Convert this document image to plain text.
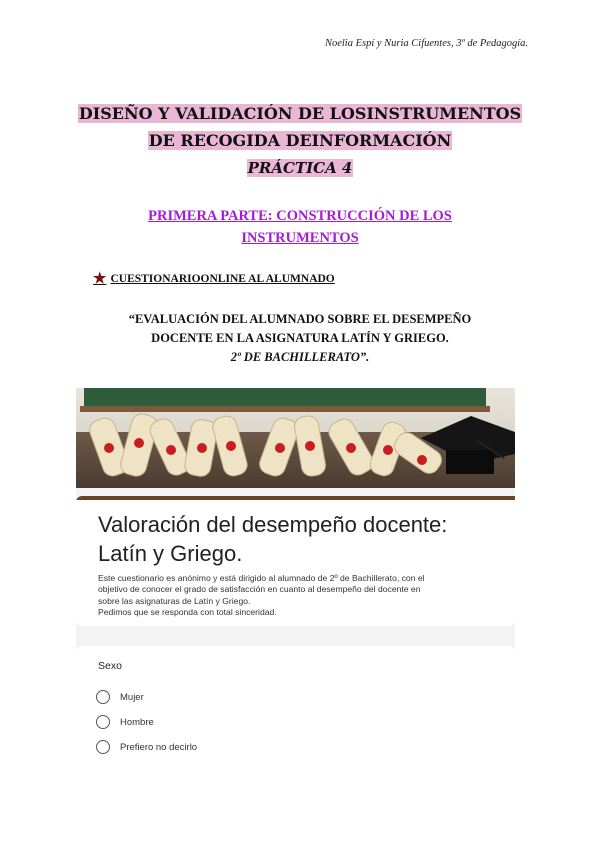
Noelia Espí y Nuria Cifuentes, 3º de Pedagogía.
DISEÑO Y VALIDACIÓN DE LOSINSTRUMENTOS
DE RECOGIDA DEINFORMACIÓN
PRÁCTICA 4
PRIMERA PARTE: CONSTRUCCIÓN DE LOS
INSTRUMENTOS
★ CUESTIONARIOONLINE AL ALUMNADO
“EVALUACIÓN DEL ALUMNADO SOBRE EL DESEMPEÑO
DOCENTE EN LA ASIGNATURA LATÍN Y GRIEGO.
2º DE BACHILLERATO”.
Valoración del desempeño docente:
Latín y Griego.
Este cuestionario es anónimo y está dirigido al alumnado de 2º de Bachillerato, con el
objetivo de conocer el grado de satisfacción en cuanto al desempeño del docente en
sobre las asignaturas de Latín y Griego.
Pedimos que se responda con total sinceridad.
Sexo
Mujer
Hombre
Prefiero no decirlo
